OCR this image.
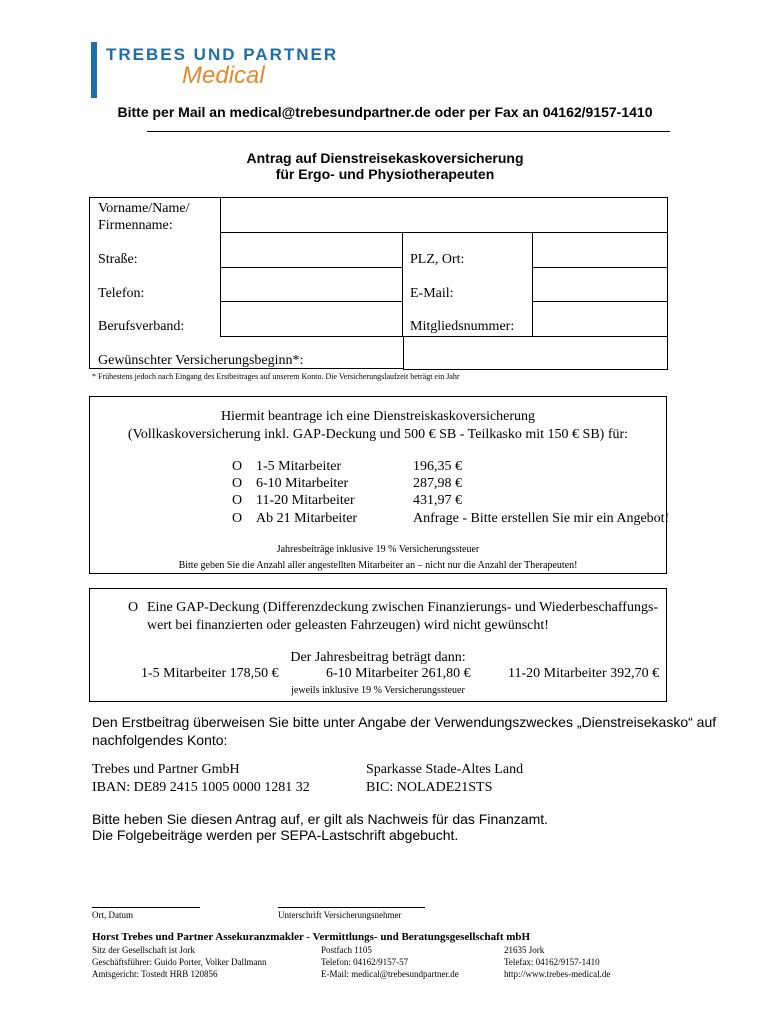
TREBES UND PARTNER
Medical
Bitte per Mail an medical@trebesundpartner.de oder per Fax an 04162/9157-1410
Antrag auf Dienstreisekaskoversicherung
für Ergo- und Physiotherapeuten
Vorname/Name/
Firmenname:
Straße:	PLZ, Ort:
Telefon:	E-Mail:
Berufsverband:	Mitgliedsnummer:
Gewünschter Versicherungsbeginn*:
* Frühestens jedoch nach Eingang des Erstbeitrages auf unserem Konto. Die Versicherungslaufzeit beträgt ein Jahr
Hiermit beantrage ich eine Dienstreiskaskoversicherung
(Vollkaskoversicherung inkl. GAP-Deckung und 500 € SB - Teilkasko mit 150 € SB) für:
O 1-5 Mitarbeiter	196,35 €
O 6-10 Mitarbeiter	287,98 €
O 11-20 Mitarbeiter	431,97 €
O Ab 21 Mitarbeiter	Anfrage - Bitte erstellen Sie mir ein Angebot!
Jahresbeiträge inklusive 19 % Versicherungssteuer
Bitte geben Sie die Anzahl aller angestellten Mitarbeiter an – nicht nur die Anzahl der Therapeuten!
O Eine GAP-Deckung (Differenzdeckung zwischen Finanzierungs- und Wiederbeschaffungs-
wert bei finanzierten oder geleasten Fahrzeugen) wird nicht gewünscht!
Der Jahresbeitrag beträgt dann:
1-5 Mitarbeiter 178,50 €	6-10 Mitarbeiter 261,80 €	11-20 Mitarbeiter 392,70 €
jeweils inklusive 19 % Versicherungssteuer
Den Erstbeitrag überweisen Sie bitte unter Angabe der Verwendungszweckes „Dienstreisekasko“ auf
nachfolgendes Konto:
Trebes und Partner GmbH
IBAN: DE89 2415 1005 0000 1281 32
Sparkasse Stade-Altes Land
BIC: NOLADE21STS
Bitte heben Sie diesen Antrag auf, er gilt als Nachweis für das Finanzamt.
Die Folgebeiträge werden per SEPA-Lastschrift abgebucht.
Ort, Datum	Unterschrift Versicherungsnehmer
Horst Trebes und Partner Assekuranzmakler - Vermittlungs- und Beratungsgesellschaft mbH
Sitz der Gesellschaft ist Jork
Geschäftsführer: Guido Porter, Volker Dallmann
Amtsgericht: Tostedt HRB 120856
Postfach 1105
Telefon: 04162/9157-57
E-Mail: medical@trebesundpartner.de
21635 Jork
Telefax: 04162/9157-1410
http://www.trebes-medical.de
